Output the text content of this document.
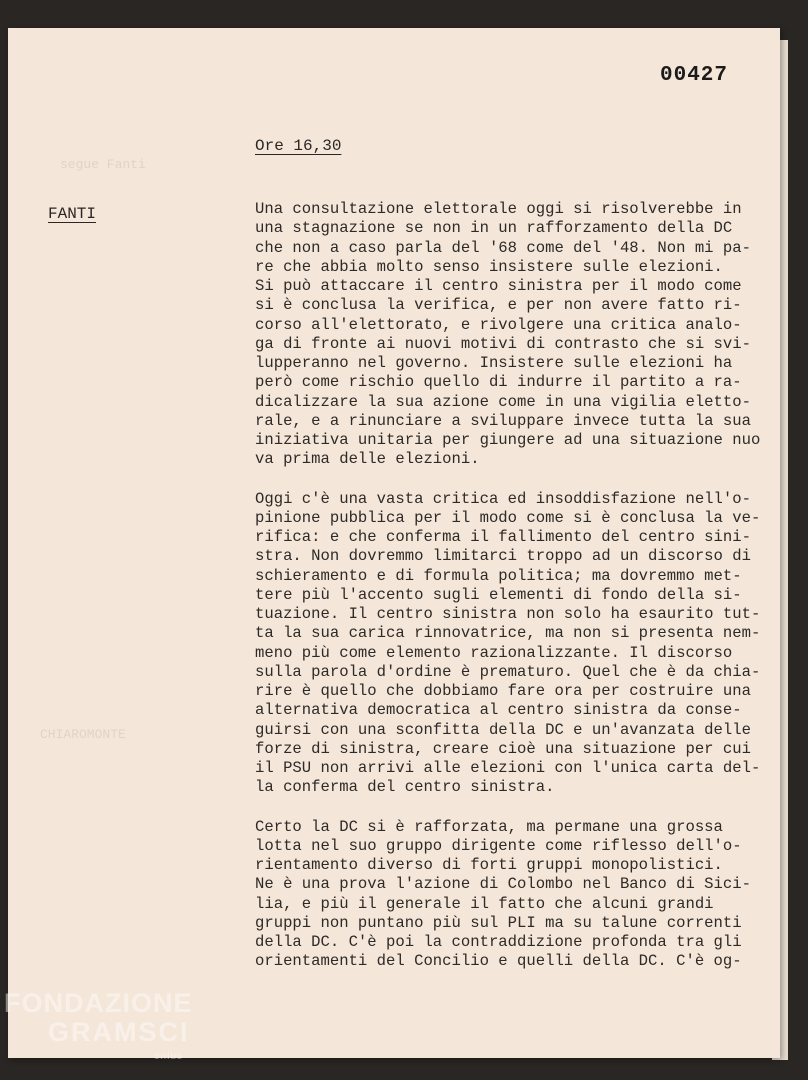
segue Fanti
CHIAROMONTE
00427
Ore 16,30
FANTI	Una consultazione elettorale oggi si risolverebbe in
una stagnazione se non in un rafforzamento della DC
che non a caso parla del '68 come del '48. Non mi pa-
re che abbia molto senso insistere sulle elezioni.
Si può attaccare il centro sinistra per il modo come
si è conclusa la verifica, e per non avere fatto ri-
corso all'elettorato, e rivolgere una critica analo-
ga di fronte ai nuovi motivi di contrasto che si svi-
lupperanno nel governo. Insistere sulle elezioni ha
però come rischio quello di indurre il partito a ra-
dicalizzare la sua azione come in una vigilia eletto-
rale, e a rinunciare a sviluppare invece tutta la sua
iniziativa unitaria per giungere ad una situazione nuo
va prima delle elezioni.

Oggi c'è una vasta critica ed insoddisfazione nell'o-
pinione pubblica per il modo come si è conclusa la ve-
rifica: e che conferma il fallimento del centro sini-
stra. Non dovremmo limitarci troppo ad un discorso di
schieramento e di formula politica; ma dovremmo met-
tere più l'accento sugli elementi di fondo della si-
tuazione. Il centro sinistra non solo ha esaurito tut-
ta la sua carica rinnovatrice, ma non si presenta nem-
meno più come elemento razionalizzante. Il discorso
sulla parola d'ordine è prematuro. Quel che è da chia-
rire è quello che dobbiamo fare ora per costruire una
alternativa democratica al centro sinistra da conse-
guirsi con una sconfitta della DC e un'avanzata delle
forze di sinistra, creare cioè una situazione per cui
il PSU non arrivi alle elezioni con l'unica carta del-
la conferma del centro sinistra.

Certo la DC si è rafforzata, ma permane una grossa
lotta nel suo gruppo dirigente come riflesso dell'o-
rientamento diverso di forti gruppi monopolistici.
Ne è una prova l'azione di Colombo nel Banco di Sici-
lia, e più il generale il fatto che alcuni grandi
gruppi non puntano più sul PLI ma su talune correnti
della DC. C'è poi la contraddizione profonda tra gli
orientamenti del Concilio e quelli della DC. C'è og-

FONDAZIONE
GRAMSCI
onlus
